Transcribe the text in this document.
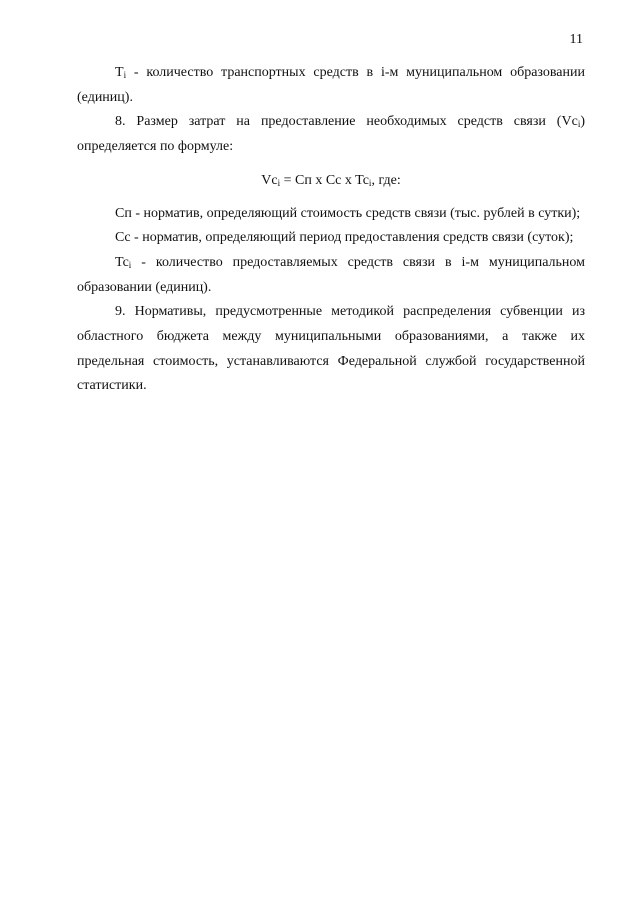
11

$T_i$ - количество транспортных средств в i-м муниципальном образовании (единиц).

8. Размер затрат на предоставление необходимых средств связи $(Vc_i)$ определяется по формуле:

$Vc_i$ = Cп x Cс x $Tc_i$, где:

Cп - норматив, определяющий стоимость средств связи (тыс. рублей в сутки);

Cс - норматив, определяющий период предоставления средств связи (суток);

$Tc_i$ - количество предоставляемых средств связи в i-м муниципальном образовании (единиц).

9. Нормативы, предусмотренные методикой распределения субвенции из областного бюджета между муниципальными образованиями, а также их предельная стоимость, устанавливаются Федеральной службой государственной статистики.
